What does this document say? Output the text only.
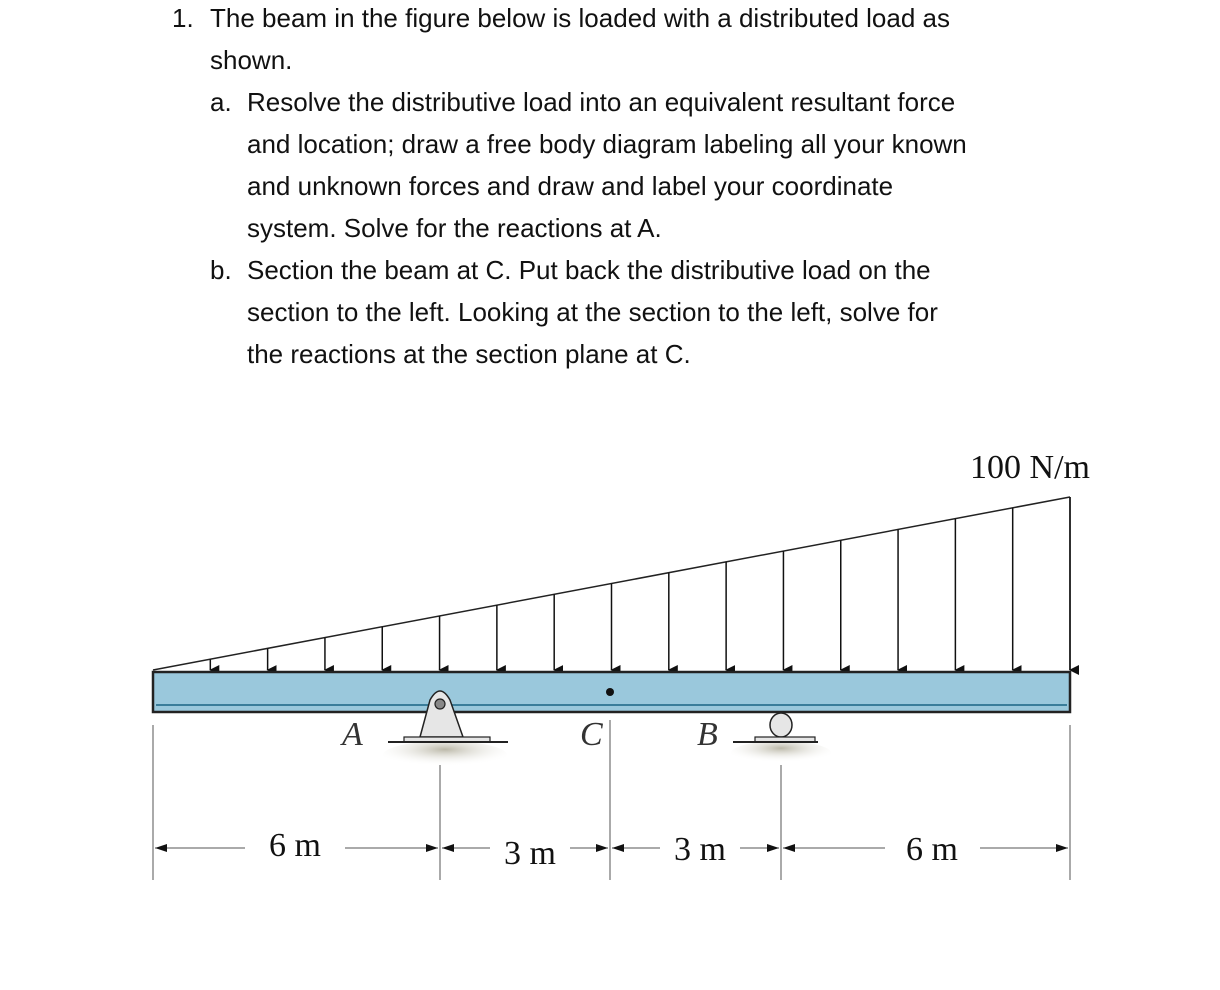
1. The beam in the figure below is loaded with a distributed load as
shown.
a. Resolve the distributive load into an equivalent resultant force
and location; draw a free body diagram labeling all your known
and unknown forces and draw and label your coordinate
system. Solve for the reactions at A.
b. Section the beam at C. Put back the distributive load on the
section to the left. Looking at the section to the left, solve for
the reactions at the section plane at C.
100 N/m
A	C	B
6 m	3 m	3 m	6 m
